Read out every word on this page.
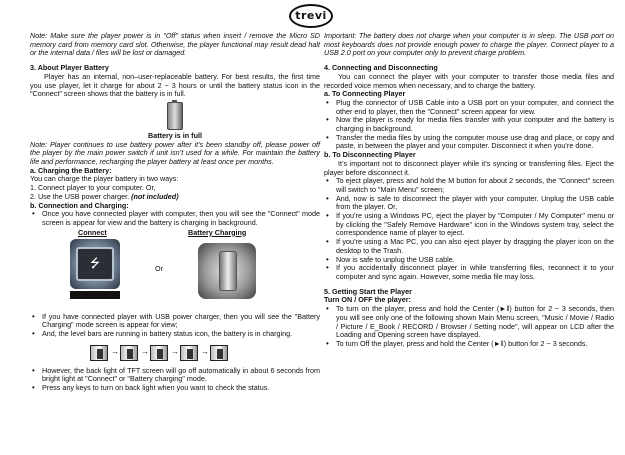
trevi

Note: Make sure the player power is in "Off" status when insert / remove the Micro SD memory card from memory card slot. Otherwise, the player functional may result dead halt or the internal data / files will be lost or damaged.

3. About Player Battery

Player has an internal, non–user-replaceable battery. For best results, the first time you use player, let it charge for about 2 ~ 3 hours or until the battery status icon in the "Connect" screen shows that the battery is in full.

Battery is in full

Note: Player continues to use battery power after it’s been standby off, please power off the player by the main power switch if unit isn’t used for a while. For maintain the battery life and performance, recharging the player battery at least once per months.

a. Charging the Battery:

You can charge the player battery in two ways:

1. Connect player to your computer. Or,

2. Use the USB power charger. (not included)

b. Connection and Charging:

• Once you have connected player with computer, then you will see the "Connect" mode screen is appear for view and the battery is charging in background.
Connect	Battery Charging
⭍	Or
• If you have connected player with USB power charger, then you will see the "Battery Charging" mode screen is appear for view;
• And, the level bars are running in battery status icon, the battery is in charging.
→	→	→	→
• However, the back light of TFT screen will go off automatically in about 6 seconds from bright light at "Connect" or "Battery charging" mode.
• Press any keys to turn on back light when you want to check the status.

Important: The battery does not charge when your computer is in sleep. The USB port on most keyboards does not provide enough power to charge the player. Connect player to a USB 2.0 port on your computer only to prevent charge problem.

4. Connecting and Disconnecting

You can connect the player with your computer to transfer those media files and recorded voice memos when necessary, and to charge the battery.

a. To Connecting Player

• Plug the connector of USB Cable into a USB port on your computer, and connect the other end to player, then the "Connect" screen appear for view.
• Now the player is ready for media files transfer with your computer and the battery is charging in background.
• Transfer the media files by using the computer mouse use drag and place, or copy and paste, in between the player and your computer. Disconnect it when you’re done.

b. To Disconnecting Player

It’s important not to disconnect player while it’s syncing or transferring files. Eject the player before disconnect it.

• To eject player, press and hold the M button for about 2 seconds, the "Connect" screen will switch to "Main Menu" screen;
• And, now is safe to disconnect the player with your computer. Unplug the USB cable from the player. Or,
• If you’re using a Windows PC, eject the player by "Computer / My Computer" menu or by clicking the "Safely Remove Hardware" icon in the Windows system tray, select the correspondence name of player to eject.
• If you’re using a Mac PC, you can also eject player by dragging the player icon on the desktop to the Trash.
• Now is safe to unplug the USB cable.
• If you accidentally disconnect player in while transferring files, reconnect it to your computer and sync again. However, some media file may loss.

5. Getting Start the Player

Turn ON / OFF the player:

• To turn on the player, press and hold the Center (►‖) button for 2 ~ 3 seconds, then you will see only one of the following shown Main Menu screen, "Music / Movie / Radio / Picture / E_Book / RECORD / Browser / Setting node", will appear on LCD after the Loading and Opening screen have displayed.
• To turn Off the player, press and hold the Center (►‖) button for 2 ~ 3 seconds.
